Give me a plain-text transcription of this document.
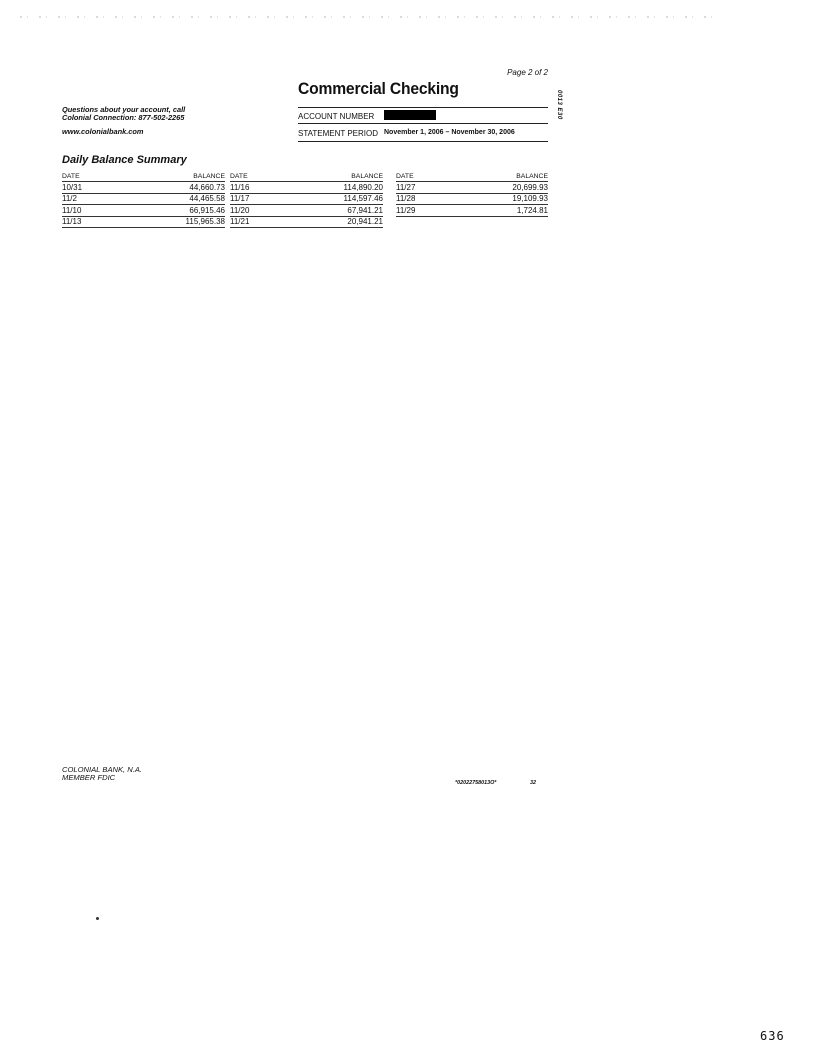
Page 2 of 2
Commercial Checking
0013 E30
Questions about your account, call
Colonial Connection: 877-502-2265
www.colonialbank.com
ACCOUNT NUMBER
STATEMENT PERIOD November 1, 2006 – November 30, 2006
Daily Balance Summary
DATE	BALANCE
10/31	44,660.73
11/2	44,465.58
11/10	66,915.46
11/13	115,965.38
DATE	BALANCE
11/16	114,890.20
11/17	114,597.46
11/20	67,941.21
11/21	20,941.21
DATE	BALANCE
11/27	20,699.93
11/28	19,109.93
11/29	1,724.81
COLONIAL BANK, N.A.
MEMBER FDIC
*02022758013O*	32
636
